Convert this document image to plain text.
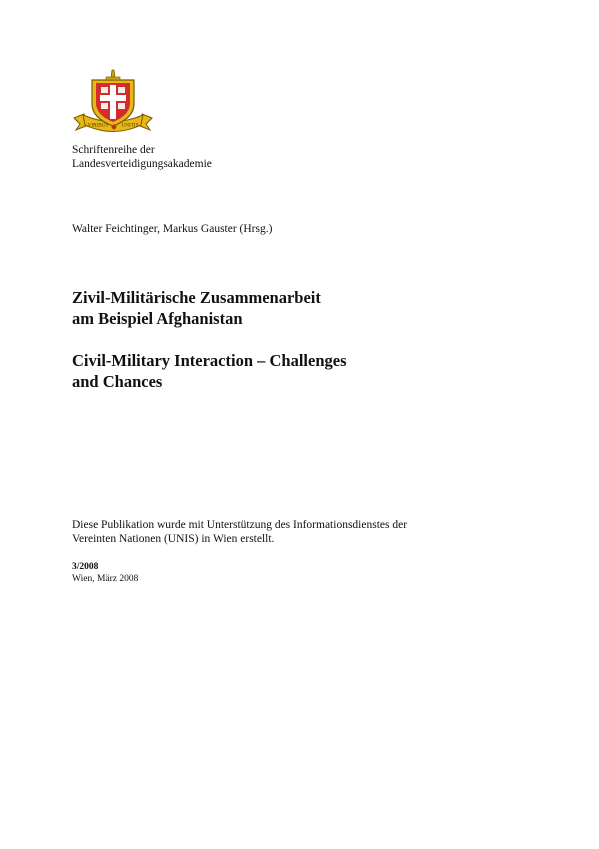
VIRIBUS	UNITIS
Schriftenreihe der
Landesverteidigungsakademie
Walter Feichtinger, Markus Gauster (Hrsg.)
Zivil-Militärische Zusammenarbeit
am Beispiel Afghanistan
Civil-Military Interaction – Challenges
and Chances
Diese Publikation wurde mit Unterstützung des Informationsdienstes der
Vereinten Nationen (UNIS) in Wien erstellt.
3/2008
Wien, März 2008
